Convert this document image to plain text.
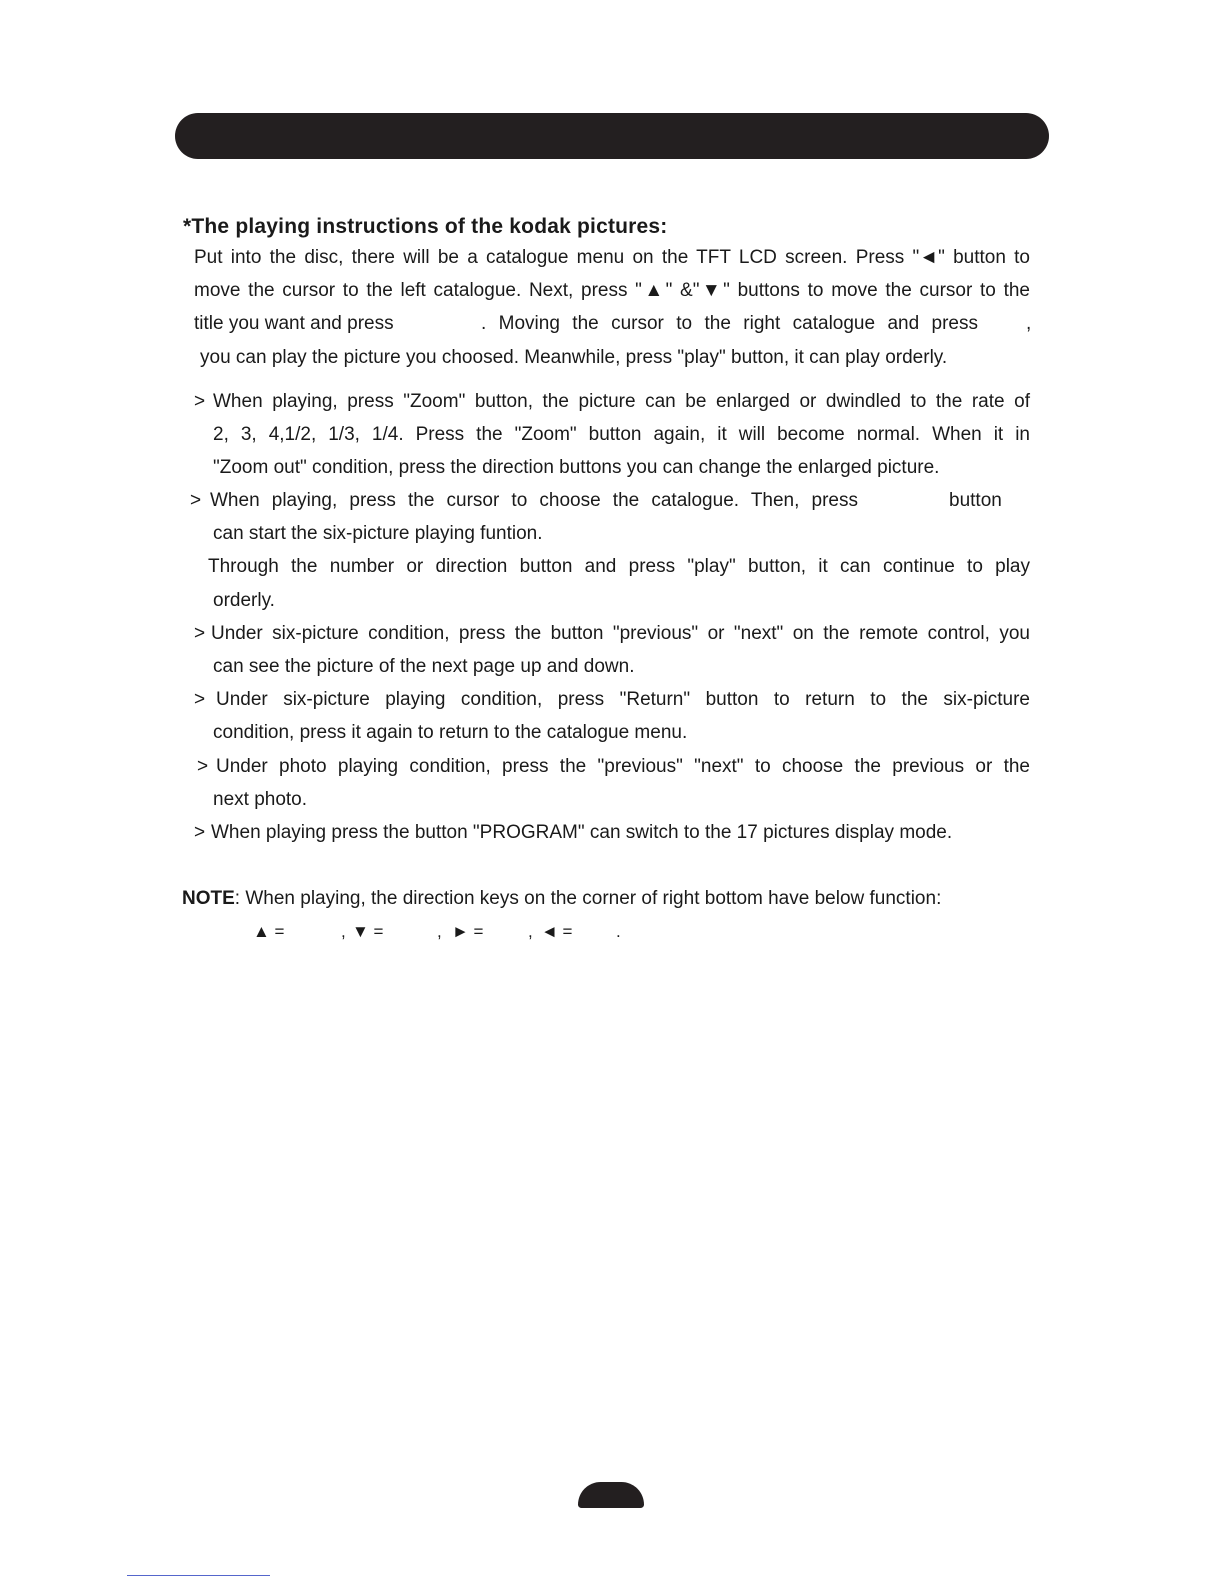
*The playing instructions of the kodak pictures:
Put into the disc, there will be a catalogue menu on the TFT LCD screen. Press "◄" button to
move the cursor to the left catalogue. Next, press "▲" &"▼" buttons to move the cursor to the
title you want and press	. Moving the cursor to the right catalogue and press	,
you can play the picture you choosed. Meanwhile, press "play" button, it can play orderly.
> When playing, press "Zoom" button, the picture can be enlarged or dwindled to the rate of
2, 3, 4,1/2, 1/3, 1/4. Press the "Zoom" button again, it will become normal. When it in
"Zoom out" condition, press the direction buttons you can change the enlarged picture.
> When playing, press the cursor to choose the catalogue. Then, press	button
can start the six-picture playing funtion.
Through the number or direction button and press "play" button, it can continue to play
orderly.
> Under six-picture condition, press the button "previous" or "next" on the remote control, you
can see the picture of the next page up and down.
> Under six-picture playing condition, press "Return" button to return to the six-picture
condition, press it again to return to the catalogue menu.
> Under photo playing condition, press the "previous" "next" to choose the previous or the
next photo.
> When playing press the button "PROGRAM" can switch to the 17 pictures display mode.
NOTE: When playing, the direction keys on the corner of right bottom have below function:
▲ =	, ▼ =	, ► =	, ◄ =	.
